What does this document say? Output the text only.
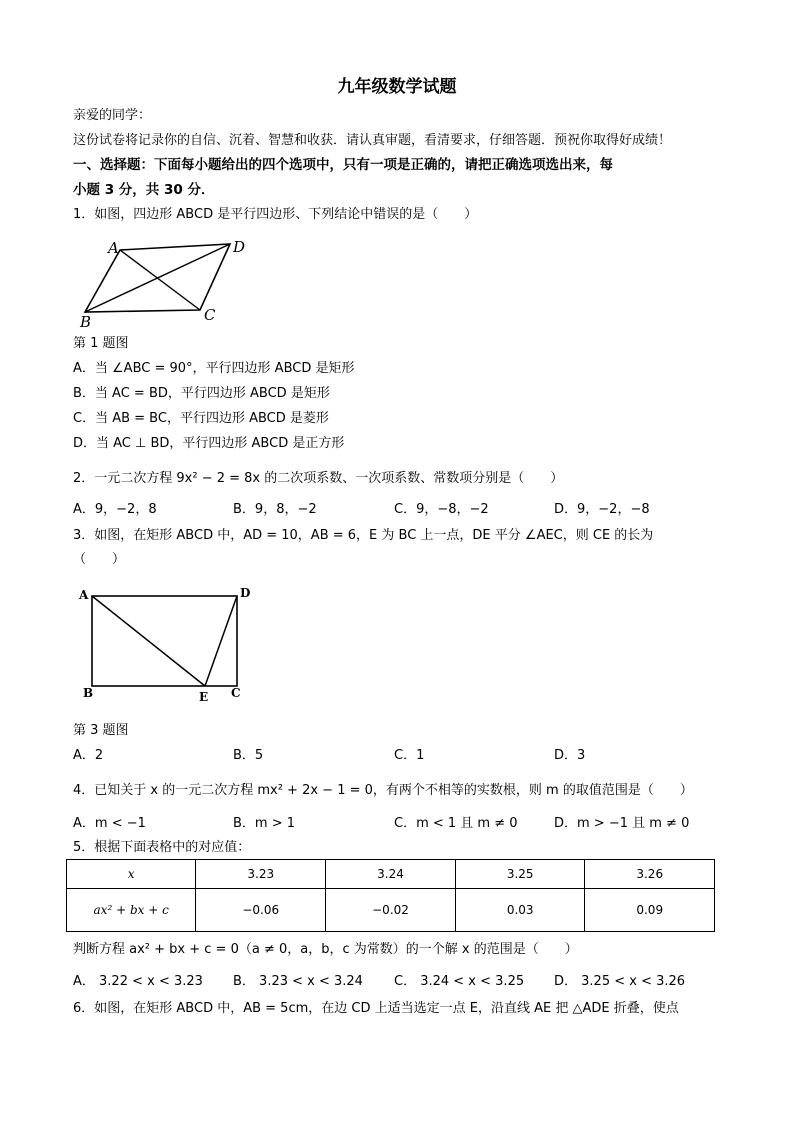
九年级数学试题
亲爱的同学：
这份试卷将记录你的自信、沉着、智慧和收获．请认真审题，看清要求，仔细答题．预祝你取得好成绩！
一、选择题：下面每小题给出的四个选项中，只有一项是正确的，请把正确选项选出来，每
小题 3 分，共 30 分．
1．如图，四边形 ABCD 是平行四边形、下列结论中错误的是（　　）
A	D
B	C
第 1 题图
A．当 ∠ABC = 90°，平行四边形 ABCD 是矩形
B．当 AC = BD，平行四边形 ABCD 是矩形
C．当 AB = BC，平行四边形 ABCD 是菱形
D．当 AC ⊥ BD，平行四边形 ABCD 是正方形
2．一元二次方程 9x² − 2 = 8x 的二次项系数、一次项系数、常数项分别是（　　）
A．9，−2，8	B．9，8，−2	C．9，−8，−2	D．9，−2，−8
3．如图，在矩形 ABCD 中，AD = 10，AB = 6，E 为 BC 上一点，DE 平分 ∠AEC，则 CE 的长为
（　　）
A	D
B	E C
第 3 题图
A．2	B．5	C．1	D．3
4．已知关于 x 的一元二次方程 mx² + 2x − 1 = 0，有两个不相等的实数根，则 m 的取值范围是（　　）
A．m < −1	B．m > 1	C．m < 1 且 m ≠ 0	D．m > −1 且 m ≠ 0
5．根据下面表格中的对应值：
x	3.23	3.24	3.25	3.26
ax² + bx + c	−0.06	−0.02	0.03	0.09
判断方程 ax² + bx + c = 0（a ≠ 0，a，b，c 为常数）的一个解 x 的范围是（　　）
A． 3.22 < x < 3.23 B． 3.23 < x < 3.24 C． 3.24 < x < 3.25 D． 3.25 < x < 3.26
6．如图，在矩形 ABCD 中，AB = 5cm，在边 CD 上适当选定一点 E，沿直线 AE 把 △ADE 折叠，使点
